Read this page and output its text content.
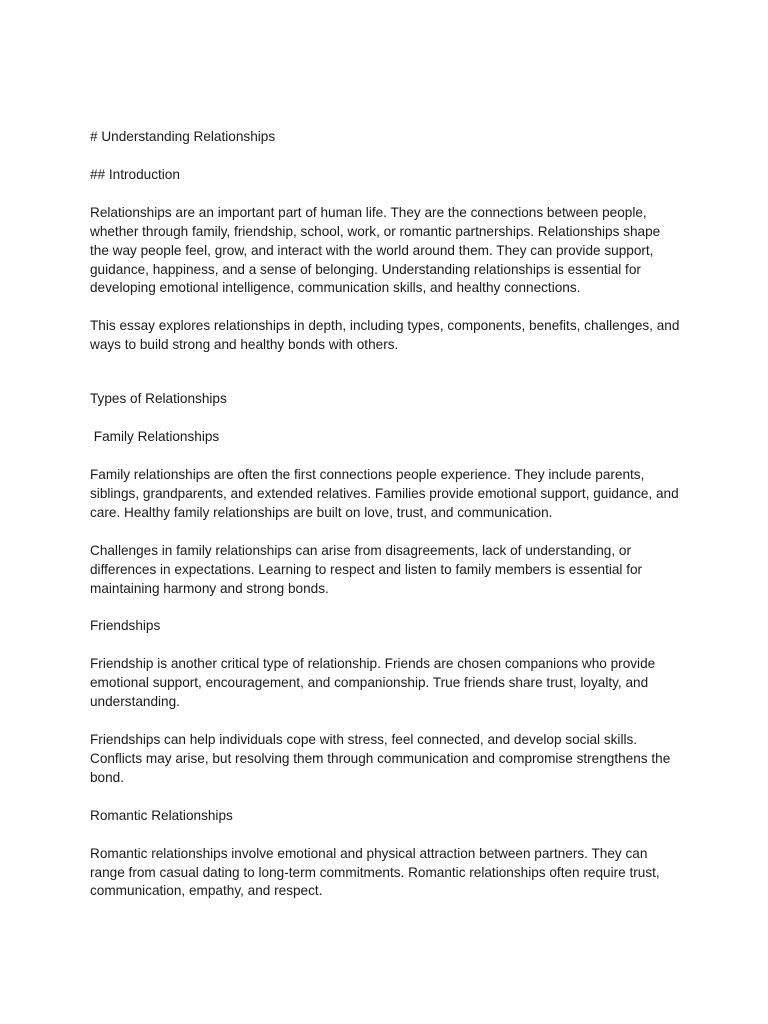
# Understanding Relationships

## Introduction

Relationships are an important part of human life. They are the connections between people, whether through family, friendship, school, work, or romantic partnerships. Relationships shape the way people feel, grow, and interact with the world around them. They can provide support, guidance, happiness, and a sense of belonging. Understanding relationships is essential for developing emotional intelligence, communication skills, and healthy connections.

This essay explores relationships in depth, including types, components, benefits, challenges, and ways to build strong and healthy bonds with others.

Types of Relationships

Family Relationships

Family relationships are often the first connections people experience. They include parents, siblings, grandparents, and extended relatives. Families provide emotional support, guidance, and care. Healthy family relationships are built on love, trust, and communication.

Challenges in family relationships can arise from disagreements, lack of understanding, or differences in expectations. Learning to respect and listen to family members is essential for maintaining harmony and strong bonds.

Friendships

Friendship is another critical type of relationship. Friends are chosen companions who provide emotional support, encouragement, and companionship. True friends share trust, loyalty, and understanding.

Friendships can help individuals cope with stress, feel connected, and develop social skills. Conflicts may arise, but resolving them through communication and compromise strengthens the bond.

Romantic Relationships

Romantic relationships involve emotional and physical attraction between partners. They can range from casual dating to long-term commitments. Romantic relationships often require trust, communication, empathy, and respect.
